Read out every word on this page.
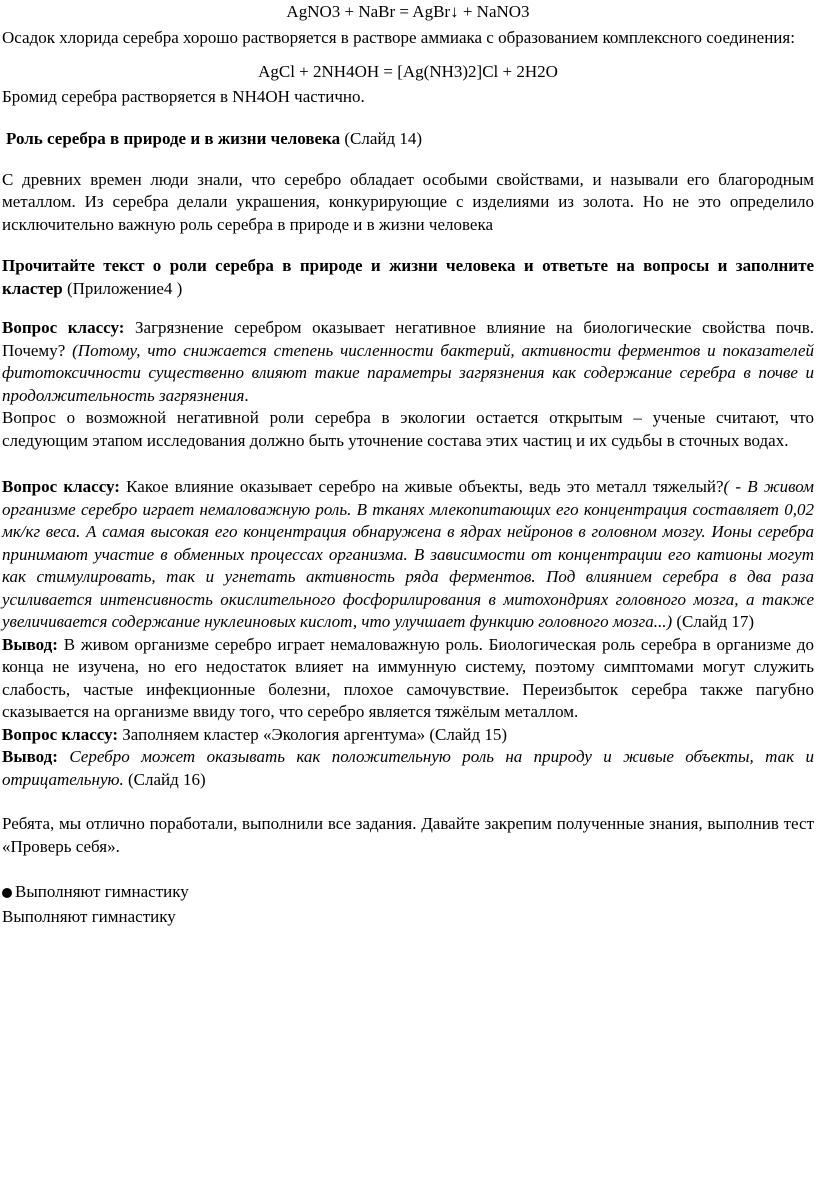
AgNO3 + NaBr = AgBr↓ + NaNO3

Осадок хлорида серебра хорошо растворяется в растворе аммиака с образованием комплексного соединения:

AgCl + 2NH4OH = [Ag(NH3)2]Cl + 2H2O

Бромид серебра растворяется в NH4OH частично.

Роль серебра в природе и в жизни человека (Слайд 14)

С древних времен люди знали, что серебро обладает особыми свойствами, и называли его благородным металлом. Из серебра делали украшения, конкурирующие с изделиями из золота. Но не это определило исключительно важную роль серебра в природе и в жизни человека

Прочитайте текст о роли серебра в природе и жизни человека и ответьте на вопросы и заполните кластер (Приложение4 )

Вопрос классу: Загрязнение серебром оказывает негативное влияние на биологические свойства почв. Почему? (Потому, что снижается степень численности бактерий, активности ферментов и показателей фитотоксичности существенно влияют такие параметры загрязнения как содержание серебра в почве и продолжительность загрязнения.

Вопрос о возможной негативной роли серебра в экологии остается открытым – ученые считают, что следующим этапом исследования должно быть уточнение состава этих частиц и их судьбы в сточных водах.

Вопрос классу: Какое влияние оказывает серебро на живые объекты, ведь это металл тяжелый?( - В живом организме серебро играет немаловажную роль. В тканях млекопитающих его концентрация составляет 0,02 мк/кг веса. А самая высокая его концентрация обнаружена в ядрах нейронов в головном мозгу. Ионы серебра принимают участие в обменных процессах организма. В зависимости от концентрации его катионы могут как стимулировать, так и угнетать активность ряда ферментов. Под влиянием серебра в два раза усиливается интенсивность окислительного фосфорилирования в митохондриях головного мозга, а также увеличивается содержание нуклеиновых кислот, что улучшает функцию головного мозга...) (Слайд 17)

Вывод: В живом организме серебро играет немаловажную роль. Биологическая роль серебра в организме до конца не изучена, но его недостаток влияет на иммунную систему, поэтому симптомами могут служить слабость, частые инфекционные болезни, плохое самочувствие. Переизбыток серебра также пагубно сказывается на организме ввиду того, что серебро является тяжёлым металлом.

Вопрос классу: Заполняем кластер «Экология аргентума» (Слайд 15)

Вывод: Серебро может оказывать как положительную роль на природу и живые объекты, так и отрицательную. (Слайд 16)

Ребята, мы отлично поработали, выполнили все задания. Давайте закрепим полученные знания, выполнив тест «Проверь себя».

Выполняют гимнастику

Выполняют гимнастику
